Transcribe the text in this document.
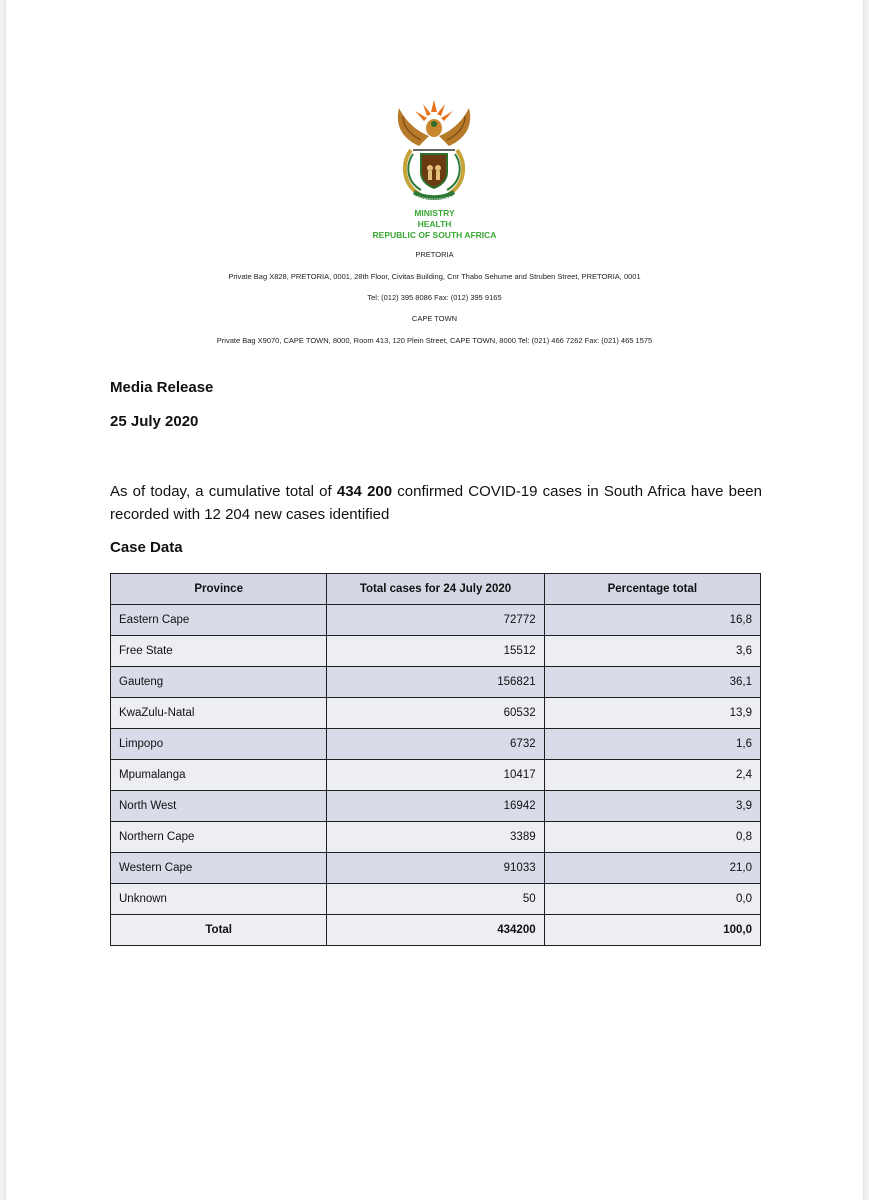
MINISTRY
HEALTH
REPUBLIC OF SOUTH AFRICA
PRETORIA
Private Bag X828, PRETORIA, 0001, 28th Floor, Civitas Building, Cnr Thabo Sehume and Struben Street, PRETORIA, 0001
Tel: (012) 395 8086 Fax: (012) 395 9165
CAPE TOWN
Private Bag X9070, CAPE TOWN, 8000, Room 413, 120 Plein Street, CAPE TOWN, 8000 Tel: (021) 466 7262 Fax: (021) 465 1575
Media Release
25 July 2020
As of today, a cumulative total of 434 200 confirmed COVID-19 cases in South Africa have been recorded with 12 204 new cases identified
Case Data
Province	Total cases for 24 July 2020	Percentage total
Eastern Cape	72772	16,8
Free State	15512	3,6
Gauteng	156821	36,1
KwaZulu-Natal	60532	13,9
Limpopo	6732	1,6
Mpumalanga	10417	2,4
North West	16942	3,9
Northern Cape	3389	0,8
Western Cape	91033	21,0
Unknown	50	0,0
Total	434200	100,0
